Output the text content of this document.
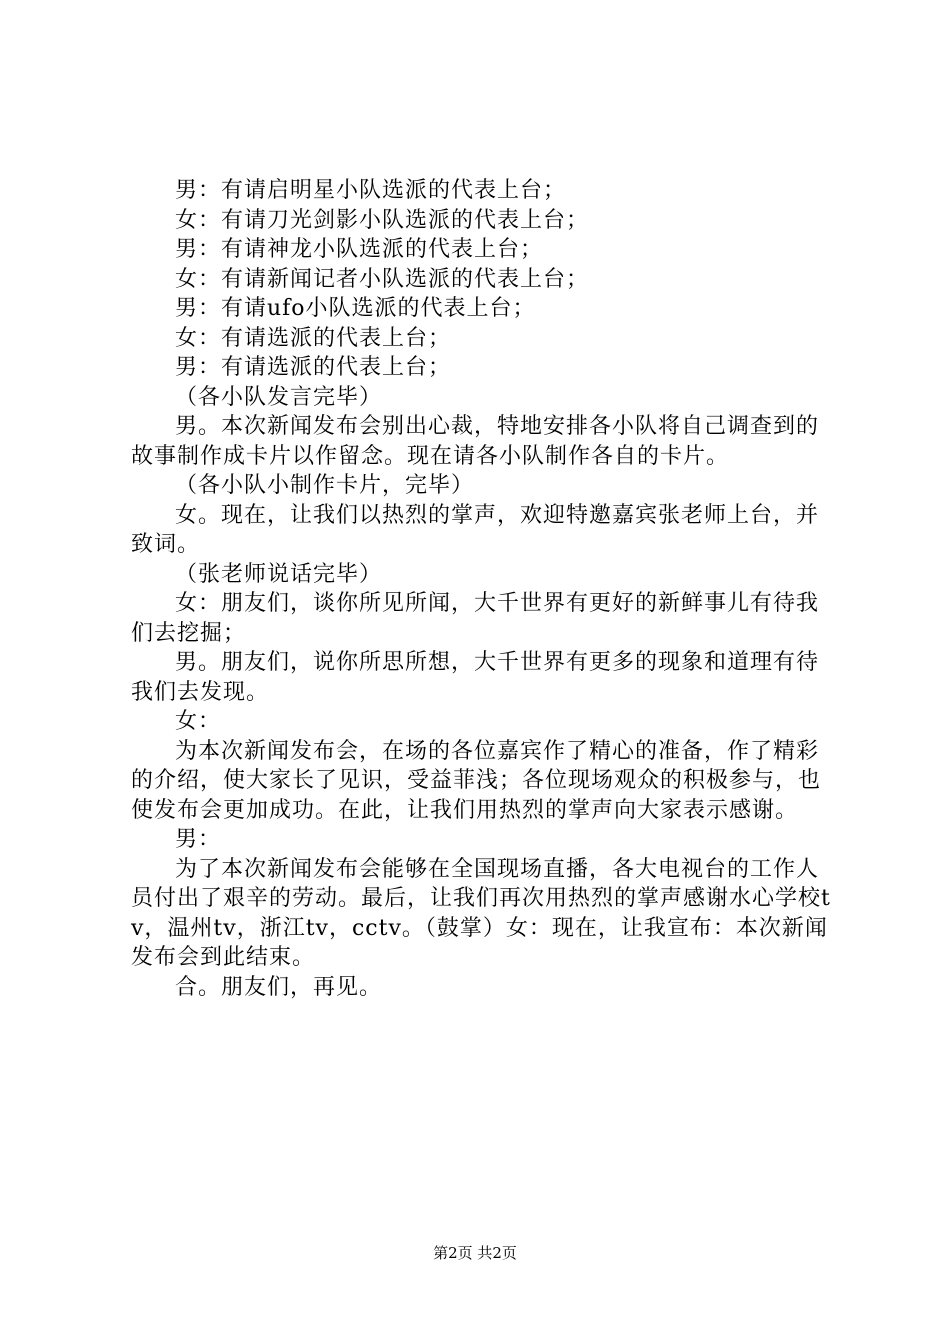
男：有请启明星小队选派的代表上台；

女：有请刀光剑影小队选派的代表上台；

男：有请神龙小队选派的代表上台；

女：有请新闻记者小队选派的代表上台；

男：有请ufo小队选派的代表上台；

女：有请选派的代表上台；

男：有请选派的代表上台；

（各小队发言完毕）

男。本次新闻发布会别出心裁，特地安排各小队将自己调查到的故事制作成卡片以作留念。现在请各小队制作各自的卡片。

（各小队小制作卡片，完毕）

女。现在，让我们以热烈的掌声，欢迎特邀嘉宾张老师上台，并致词。

（张老师说话完毕）

女：朋友们，谈你所见所闻，大千世界有更好的新鲜事儿有待我们去挖掘；

男。朋友们，说你所思所想，大千世界有更多的现象和道理有待我们去发现。

女：

为本次新闻发布会，在场的各位嘉宾作了精心的准备，作了精彩的介绍，使大家长了见识，受益菲浅；各位现场观众的积极参与，也使发布会更加成功。在此，让我们用热烈的掌声向大家表示感谢。

男：

为了本次新闻发布会能够在全国现场直播，各大电视台的工作人员付出了艰辛的劳动。最后，让我们再次用热烈的掌声感谢水心学校tv，温州tv，浙江tv，cctv。（鼓掌）女：现在，让我宣布：本次新闻发布会到此结束。

合。朋友们，再见。

第2页 共2页
